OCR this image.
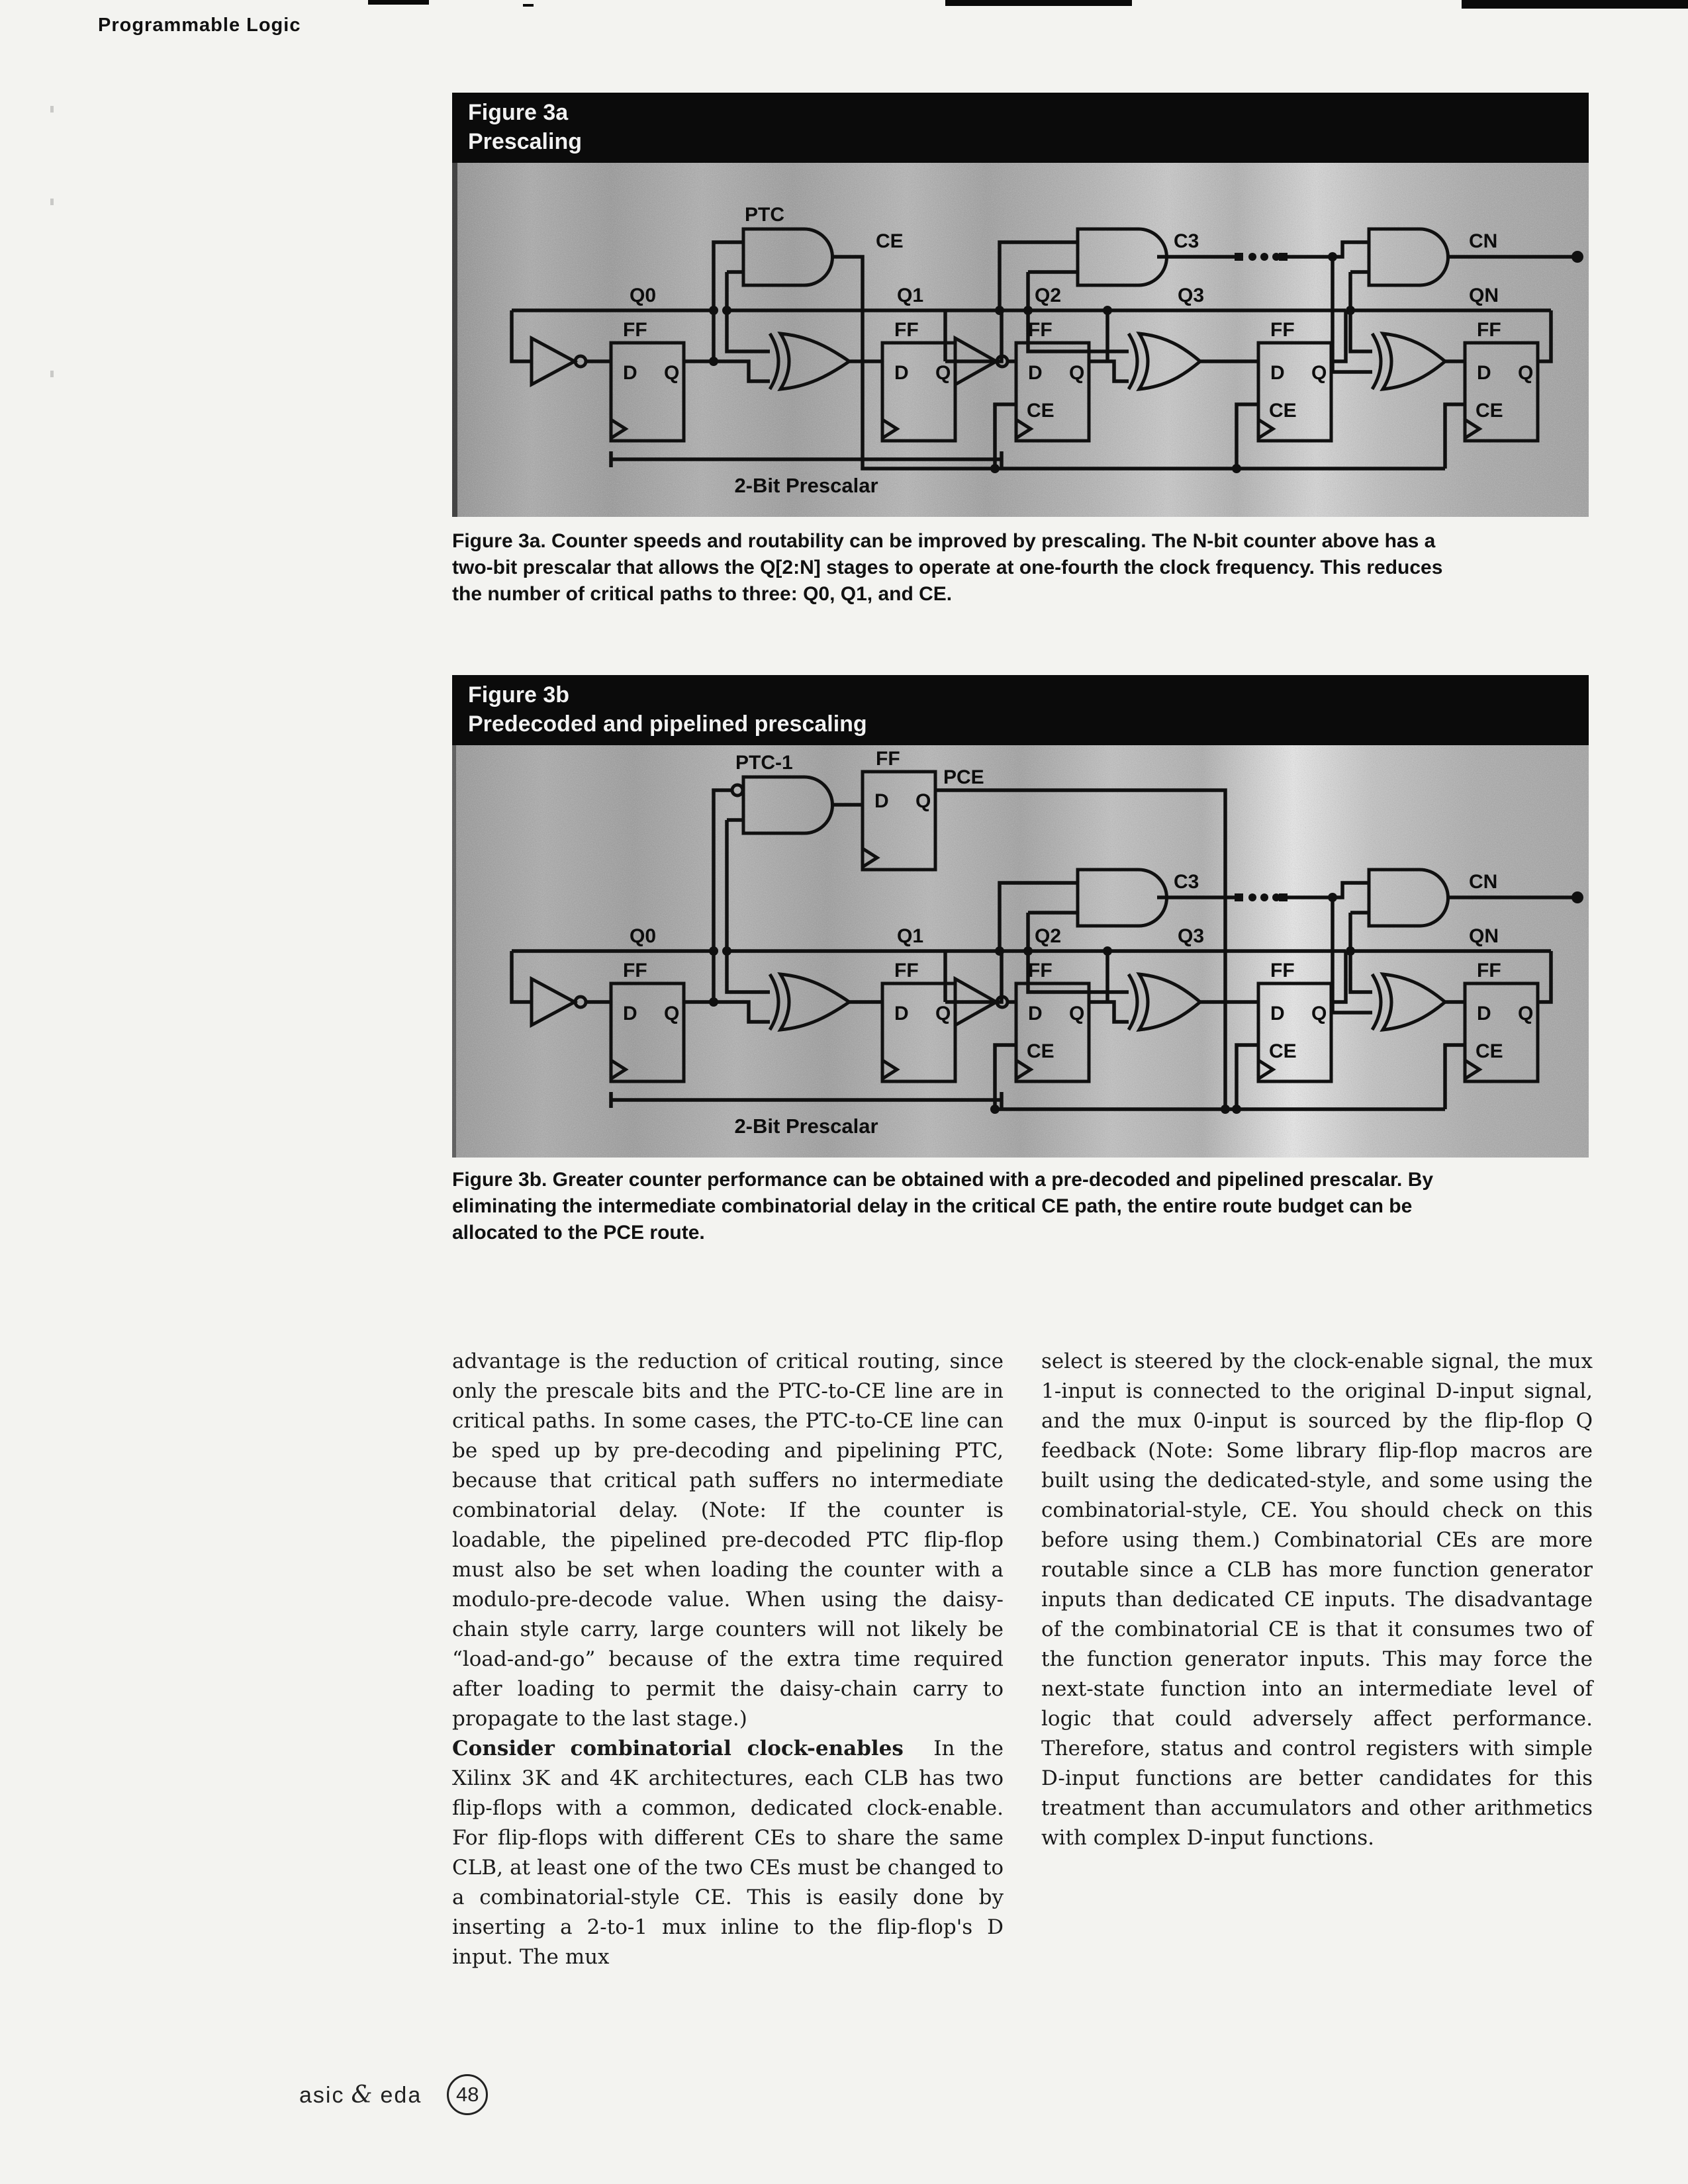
Programmable Logic
Figure 3a
Prescaling
PTC
CE	C3	CN
Q0	Q1	Q2	Q3	QN
FF	FF	FF	FF	FF
D Q	D Q	D Q	D Q	D Q
CE	CE	CE
2-Bit Prescalar
Figure 3a. Counter speeds and routability can be improved by prescaling. The N-bit counter above has a
two-bit prescalar that allows the Q[2:N] stages to operate at one-fourth the clock frequency. This reduces
the number of critical paths to three: Q0, Q1, and CE.
Figure 3b
Predecoded and pipelined prescaling
PTC-1	FF
PCE
D Q
C3	CN
Q0	Q1	Q2	Q3	QN
FF	FF	FF	FF	FF
D Q	D Q	D Q	D Q	D Q
CE	CE	CE
2-Bit Prescalar
Figure 3b. Greater counter performance can be obtained with a pre-decoded and pipelined prescalar. By
eliminating the intermediate combinatorial delay in the critical CE path, the entire route budget can be
allocated to the PCE route.

advantage is the reduction of critical routing, since only the prescale bits and the PTC-to-CE line are in critical paths. In some cases, the PTC-to-CE line can be sped up by pre-decoding and pipelining PTC, because that critical path suffers no intermediate combinatorial delay. (Note: If the counter is loadable, the pipelined pre-decoded PTC flip-flop must also be set when loading the counter with a modulo-pre-decode value. When using the daisy-chain style carry, large counters will not likely be “load-and-go” because of the extra time required after loading to permit the daisy-chain carry to propagate to the last stage.)

Consider combinatorial clock-enables In the Xilinx 3K and 4K architectures, each CLB has two flip-flops with a common, dedicated clock-enable. For flip-flops with different CEs to share the same CLB, at least one of the two CEs must be changed to a combinatorial-style CE. This is easily done by inserting a 2-to-1 mux inline to the flip-flop's D input. The mux

select is steered by the clock-enable signal, the mux 1-input is connected to the original D-input signal, and the mux 0-input is sourced by the flip-flop Q feedback (Note: Some library flip-flop macros are built using the dedicated-style, and some using the combinatorial-style, CE. You should check on this before using them.) Combinatorial CEs are more routable since a CLB has more function generator inputs than dedicated CE inputs. The disadvantage of the combinatorial CE is that it consumes two of the function generator inputs. This may force the next-state function into an intermediate level of logic that could adversely affect performance. Therefore, status and control registers with simple D-input functions are better candidates for this treatment than accumulators and other arithmetics with complex D-input functions.

asic & eda 48
